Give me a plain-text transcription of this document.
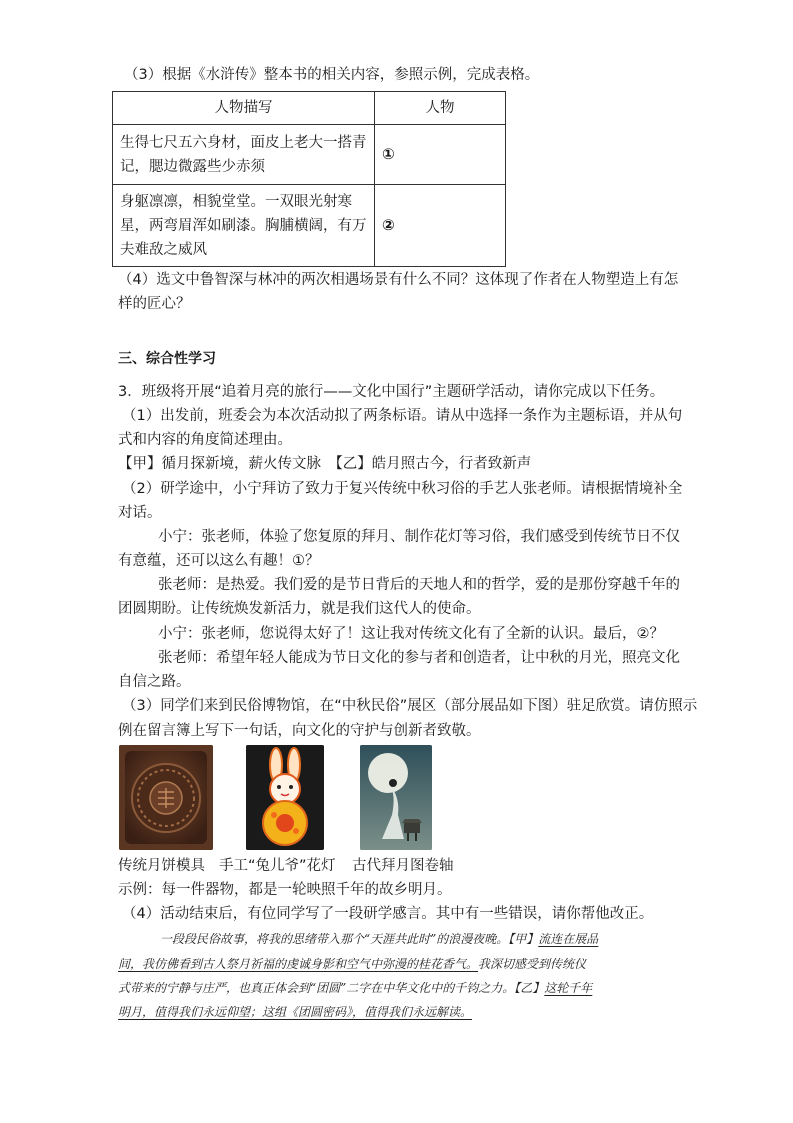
（3）根据《水浒传》整本书的相关内容，参照示例，完成表格。
人物描写	人物

生得七尺五六身材，面皮上老大一搭青
记，腮边微露些少赤须	①

身躯凛凛，相貌堂堂。一双眼光射寒
星，两弯眉浑如刷漆。胸脯横阔，有万
夫难敌之威风	②
（4）选文中鲁智深与林冲的两次相遇场景有什么不同？这体现了作者在人物塑造上有怎
样的匠心？
三、综合性学习
3．班级将开展“追着月亮的旅行——文化中国行”主题研学活动，请你完成以下任务。
（1）出发前，班委会为本次活动拟了两条标语。请从中选择一条作为主题标语，并从句
式和内容的角度简述理由。
【甲】循月探新境，薪火传文脉　【乙】皓月照古今，行者致新声
（2）研学途中，小宁拜访了致力于复兴传统中秋习俗的手艺人张老师。请根据情境补全
对话。
小宁：张老师，体验了您复原的拜月、制作花灯等习俗，我们感受到传统节日不仅
有意蕴，还可以这么有趣！①？
张老师：是热爱。我们爱的是节日背后的天地人和的哲学，爱的是那份穿越千年的
团圆期盼。让传统焕发新活力，就是我们这代人的使命。
小宁：张老师，您说得太好了！这让我对传统文化有了全新的认识。最后，②？
张老师：希望年轻人能成为节日文化的参与者和创造者，让中秋的月光，照亮文化
自信之路。
（3）同学们来到民俗博物馆，在“中秋民俗”展区（部分展品如下图）驻足欣赏。请仿照示
例在留言簿上写下一句话，向文化的守护与创新者致敬。
传统月饼模具 手工“兔儿爷”花灯 古代拜月图卷轴
示例：每一件器物，都是一轮映照千年的故乡明月。
（4）活动结束后，有位同学写了一段研学感言。其中有一些错误，请你帮他改正。
一段段民俗故事，将我的思绪带入那个“天涯共此时”的浪漫夜晚。【甲】流连在展品
间，我仿佛看到古人祭月祈福的虔诚身影和空气中弥漫的桂花香气。我深切感受到传统仪
式带来的宁静与庄严，也真正体会到“团圆”二字在中华文化中的千钧之力。【乙】这轮千年
明月，值得我们永远仰望；这组《团圆密码》，值得我们永远解读。
